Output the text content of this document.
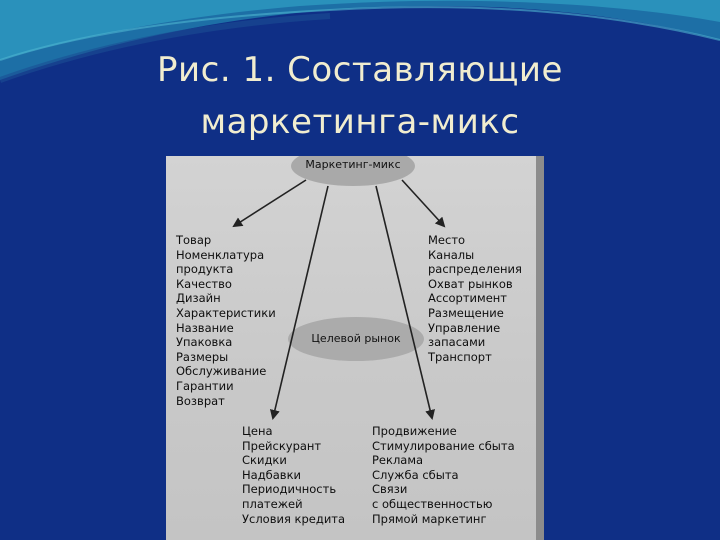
Рис. 1. Составляющие
маркетинга-микс
Маркетинг-микс
Целевой рынок
Товар
Номенклатура
продукта
Качество
Дизайн
Характеристики
Название
Упаковка
Размеры
Обслуживание
Гарантии
Возврат
Место
Каналы
распределения
Охват рынков
Ассортимент
Размещение
Управление
запасами
Транспорт
Цена
Прейскурант
Скидки
Надбавки
Периодичность
платежей
Условия кредита
Продвижение
Стимулирование сбыта
Реклама
Служба сбыта
Связи
с общественностью
Прямой маркетинг
